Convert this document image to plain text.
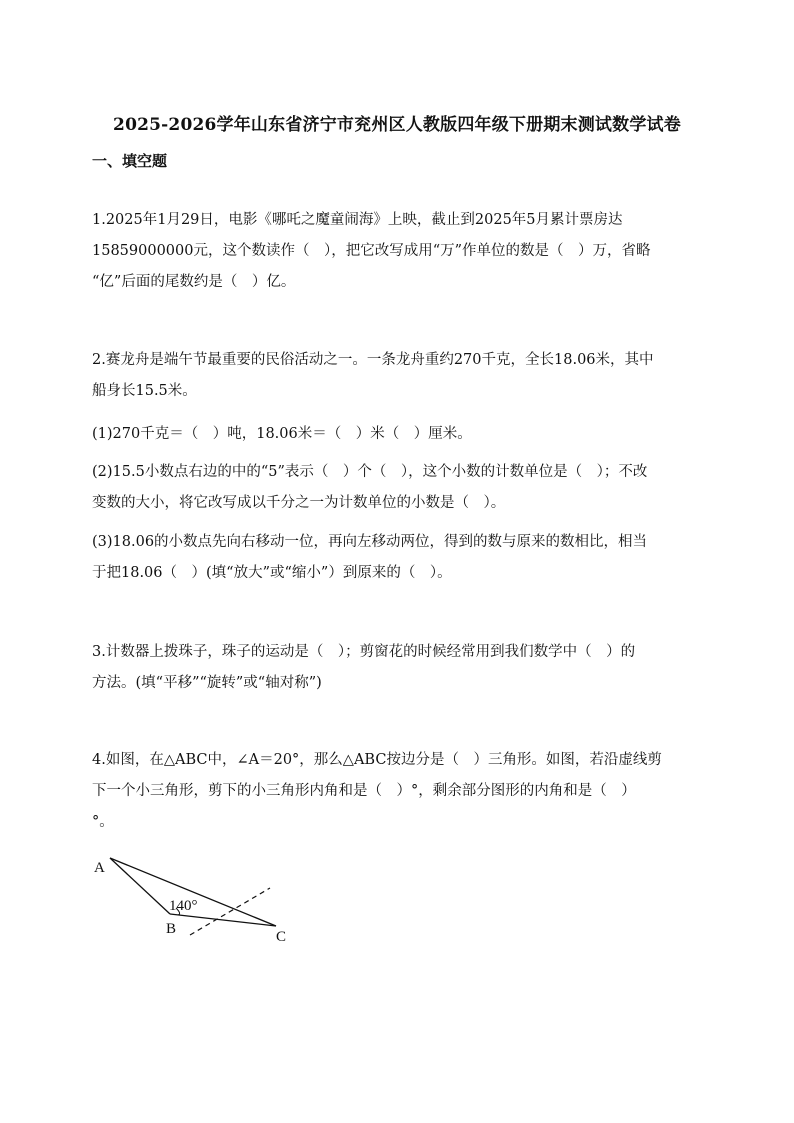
2025-2026学年山东省济宁市兖州区人教版四年级下册期末测试数学试卷
一、填空题

1.2025年1月29日，电影《哪吒之魔童闹海》上映，截止到2025年5月累计票房达
15859000000元，这个数读作（　），把它改写成用“万”作单位的数是（　）万，省略
“亿”后面的尾数约是（　）亿。

2.赛龙舟是端午节最重要的民俗活动之一。一条龙舟重约270千克，全长18.06米，其中
船身长15.5米。

(1)270千克＝（　）吨，18.06米＝（　）米（　）厘米。

(2)15.5小数点右边的中的“5”表示（　）个（　），这个小数的计数单位是（　）；不改
变数的大小，将它改写成以千分之一为计数单位的小数是（　）。

(3)18.06的小数点先向右移动一位，再向左移动两位，得到的数与原来的数相比，相当
于把18.06（　）(填“放大”或“缩小”）到原来的（　）。

3.计数器上拨珠子，珠子的运动是（　）；剪窗花的时候经常用到我们数学中（　）的
方法。(填“平移”“旋转”或“轴对称”)

4.如图，在△ABC中，∠A＝20°，那么△ABC按边分是（　）三角形。如图，若沿虚线剪
下一个小三角形，剪下的小三角形内角和是（　）°，剩余部分图形的内角和是（　）
°。

A
B	C
140°
